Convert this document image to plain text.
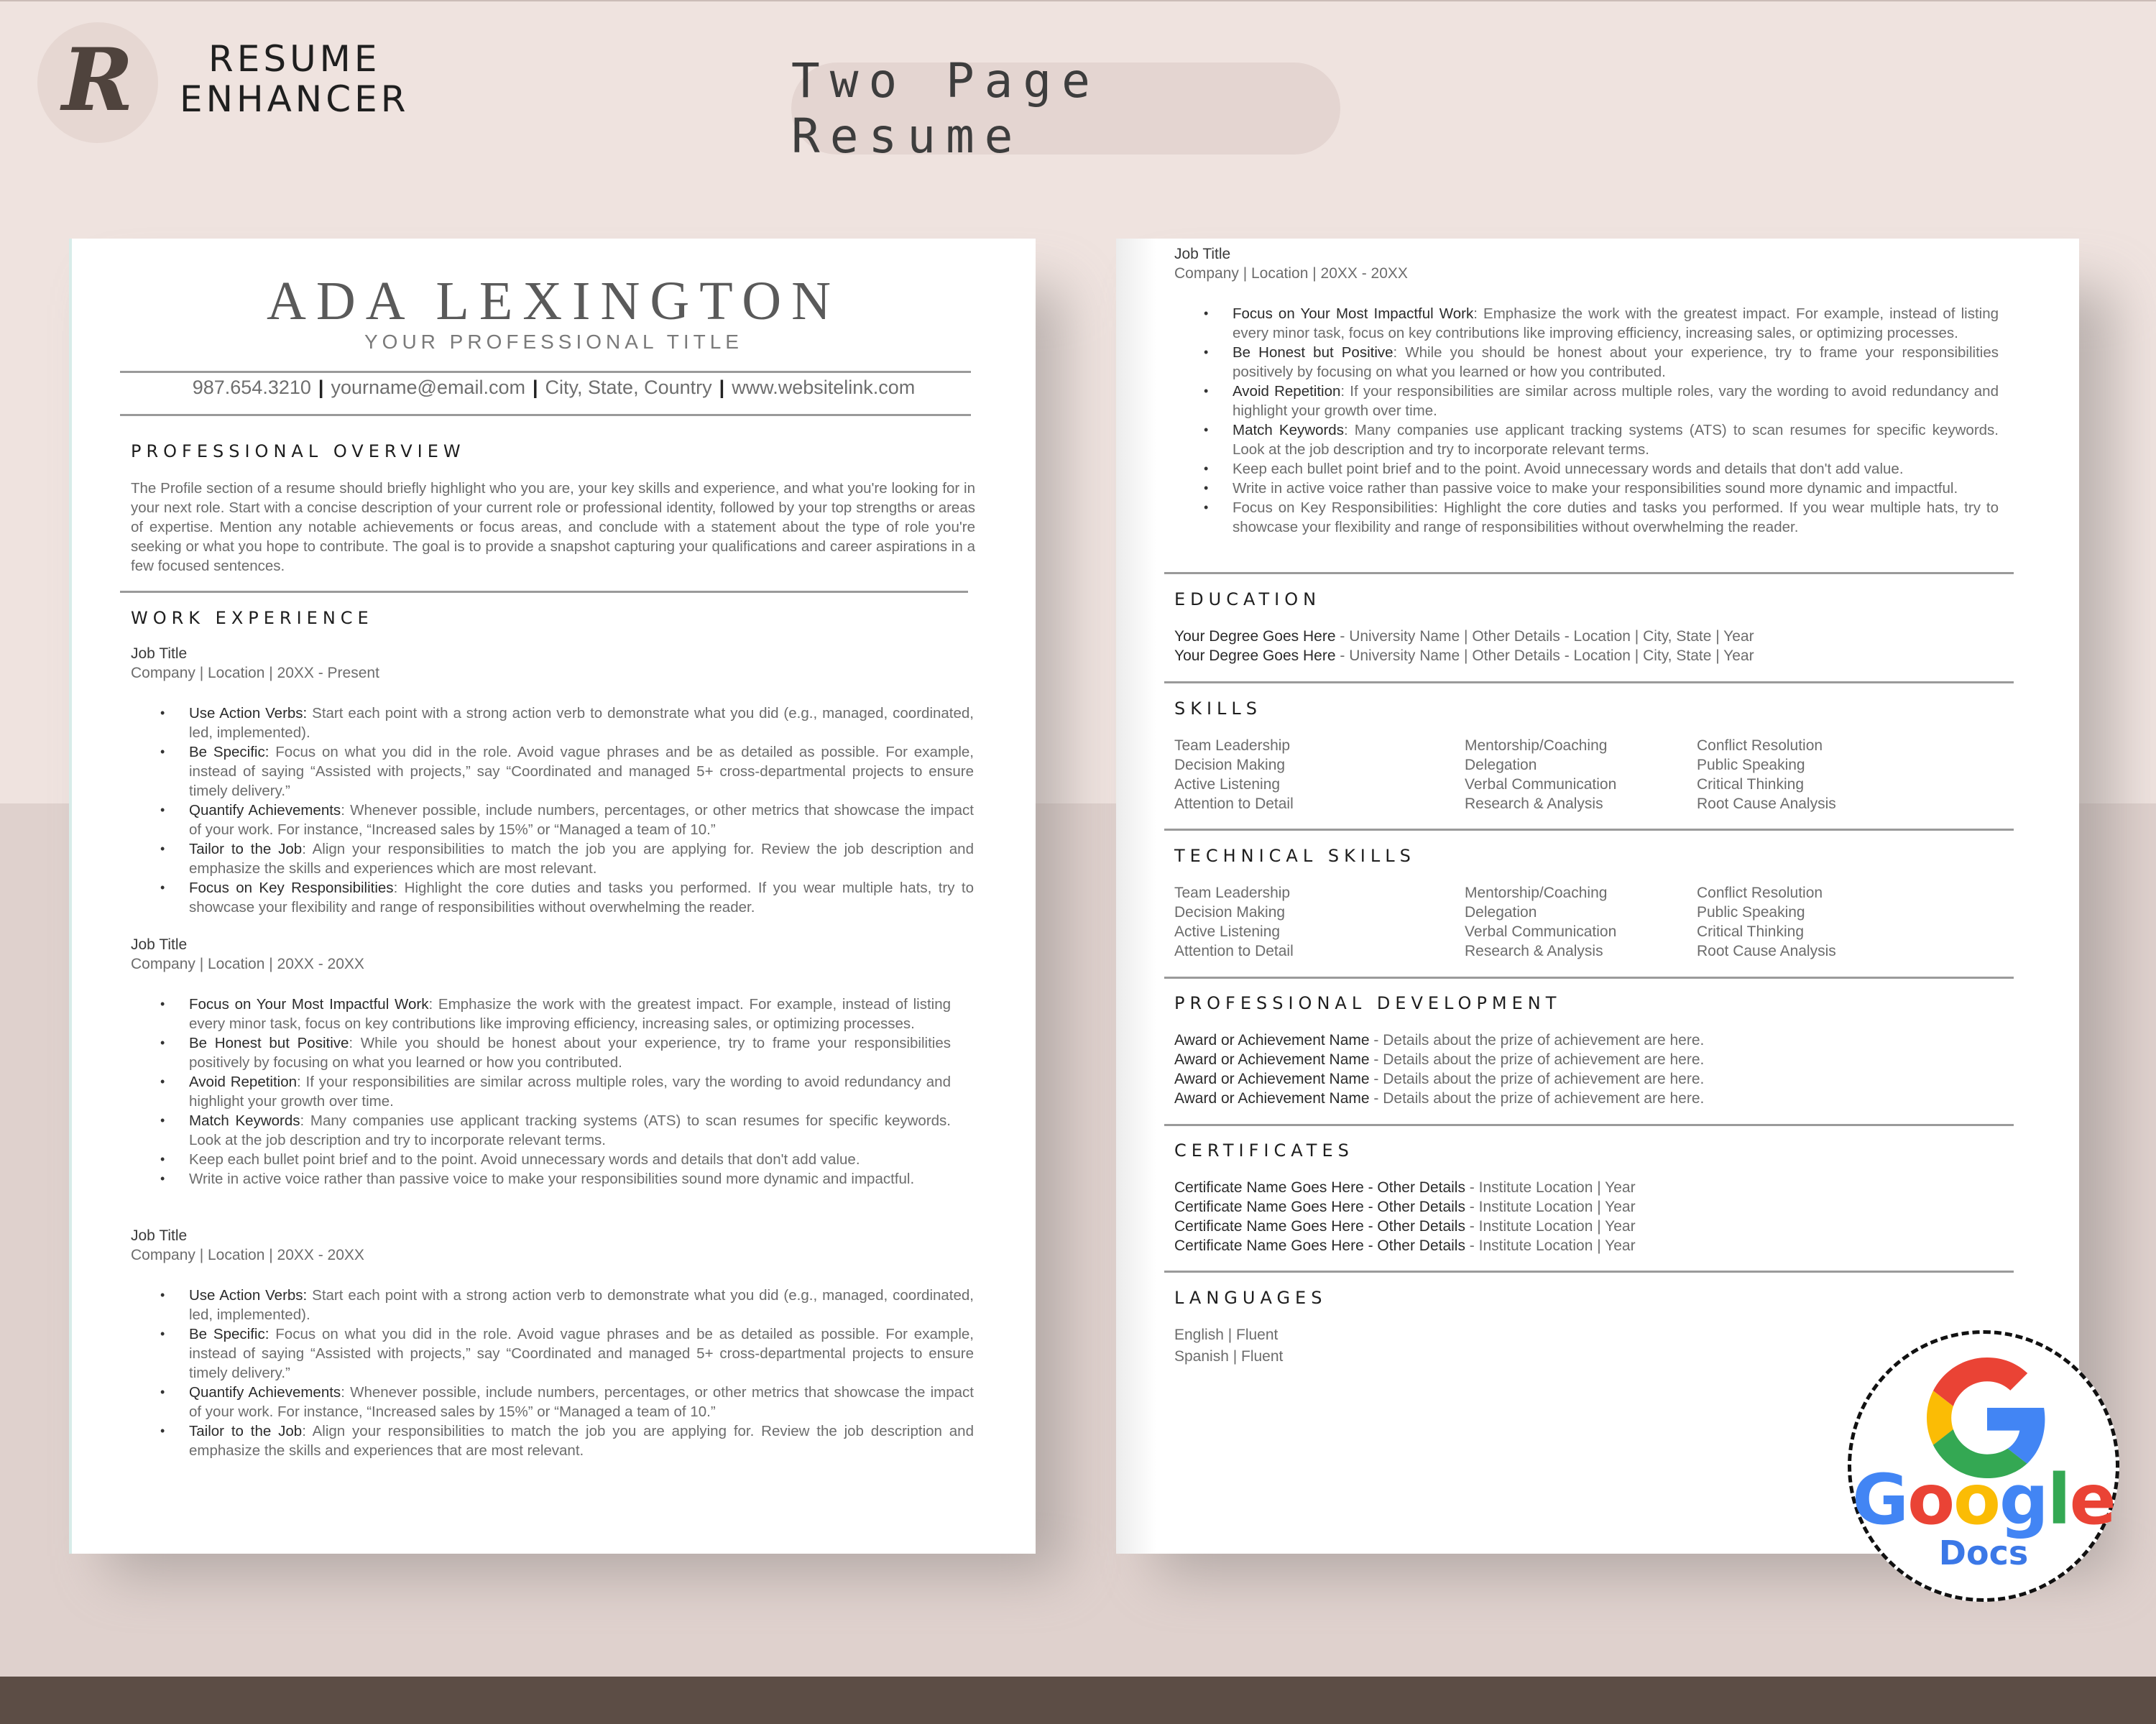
R	RESUME
ENHANCER	Two Page Resume
ADA LEXINGTON
YOUR PROFESSIONAL TITLE
987.654.3210 | yourname@email.com | City, State, Country | www.websitelink.com
PROFESSIONAL OVERVIEW
The Profile section of a resume should briefly highlight who you are, your key skills and experience, and what you're looking for in your next role. Start with a concise description of your current role or professional identity, followed by your top strengths or areas of expertise. Mention any notable achievements or focus areas, and conclude with a statement about the type of role you're seeking or what you hope to contribute. The goal is to provide a snapshot capturing your qualifications and career aspirations in a few focused sentences.
WORK EXPERIENCE
Job Title
Company | Location | 20XX - Present
• Use Action Verbs: Start each point with a strong action verb to demonstrate what you did (e.g., managed, coordinated, led, implemented).
• Be Specific: Focus on what you did in the role. Avoid vague phrases and be as detailed as possible. For example, instead of saying “Assisted with projects,” say “Coordinated and managed 5+ cross-departmental projects to ensure timely delivery.”
• Quantify Achievements: Whenever possible, include numbers, percentages, or other metrics that showcase the impact of your work. For instance, “Increased sales by 15%” or “Managed a team of 10.”
• Tailor to the Job: Align your responsibilities to match the job you are applying for. Review the job description and emphasize the skills and experiences which are most relevant.
• Focus on Key Responsibilities: Highlight the core duties and tasks you performed. If you wear multiple hats, try to showcase your flexibility and range of responsibilities without overwhelming the reader.
Job Title
Company | Location | 20XX - 20XX
• Focus on Your Most Impactful Work: Emphasize the work with the greatest impact. For example, instead of listing every minor task, focus on key contributions like improving efficiency, increasing sales, or optimizing processes.
• Be Honest but Positive: While you should be honest about your experience, try to frame your responsibilities positively by focusing on what you learned or how you contributed.
• Avoid Repetition: If your responsibilities are similar across multiple roles, vary the wording to avoid redundancy and highlight your growth over time.
• Match Keywords: Many companies use applicant tracking systems (ATS) to scan resumes for specific keywords. Look at the job description and try to incorporate relevant terms.
• Keep each bullet point brief and to the point. Avoid unnecessary words and details that don't add value.
• Write in active voice rather than passive voice to make your responsibilities sound more dynamic and impactful.
Job Title
Company | Location | 20XX - 20XX
• Use Action Verbs: Start each point with a strong action verb to demonstrate what you did (e.g., managed, coordinated, led, implemented).
• Be Specific: Focus on what you did in the role. Avoid vague phrases and be as detailed as possible. For example, instead of saying “Assisted with projects,” say “Coordinated and managed 5+ cross-departmental projects to ensure timely delivery.”
• Quantify Achievements: Whenever possible, include numbers, percentages, or other metrics that showcase the impact of your work. For instance, “Increased sales by 15%” or “Managed a team of 10.”
• Tailor to the Job: Align your responsibilities to match the job you are applying for. Review the job description and emphasize the skills and experiences that are most relevant.
Job Title
Company | Location | 20XX - 20XX
• Focus on Your Most Impactful Work: Emphasize the work with the greatest impact. For example, instead of listing every minor task, focus on key contributions like improving efficiency, increasing sales, or optimizing processes.
• Be Honest but Positive: While you should be honest about your experience, try to frame your responsibilities positively by focusing on what you learned or how you contributed.
• Avoid Repetition: If your responsibilities are similar across multiple roles, vary the wording to avoid redundancy and highlight your growth over time.
• Match Keywords: Many companies use applicant tracking systems (ATS) to scan resumes for specific keywords. Look at the job description and try to incorporate relevant terms.
• Keep each bullet point brief and to the point. Avoid unnecessary words and details that don't add value.
• Write in active voice rather than passive voice to make your responsibilities sound more dynamic and impactful.
• Focus on Key Responsibilities: Highlight the core duties and tasks you performed. If you wear multiple hats, try to showcase your flexibility and range of responsibilities without overwhelming the reader.
EDUCATION
Your Degree Goes Here - University Name | Other Details - Location | City, State | Year
Your Degree Goes Here - University Name | Other Details - Location | City, State | Year
SKILLS
Team Leadership
Decision Making
Active Listening
Attention to Detail
Mentorship/Coaching
Delegation
Verbal Communication
Research & Analysis
Conflict Resolution
Public Speaking
Critical Thinking
Root Cause Analysis
TECHNICAL SKILLS
Team Leadership
Decision Making
Active Listening
Attention to Detail
Mentorship/Coaching
Delegation
Verbal Communication
Research & Analysis
Conflict Resolution
Public Speaking
Critical Thinking
Root Cause Analysis
PROFESSIONAL DEVELOPMENT
Award or Achievement Name - Details about the prize of achievement are here.
Award or Achievement Name - Details about the prize of achievement are here.
Award or Achievement Name - Details about the prize of achievement are here.
Award or Achievement Name - Details about the prize of achievement are here.
CERTIFICATES
Certificate Name Goes Here - Other Details - Institute Location | Year
Certificate Name Goes Here - Other Details - Institute Location | Year
Certificate Name Goes Here - Other Details - Institute Location | Year
Certificate Name Goes Here - Other Details - Institute Location | Year
LANGUAGES
English | Fluent
Spanish | Fluent
Google
Docs
